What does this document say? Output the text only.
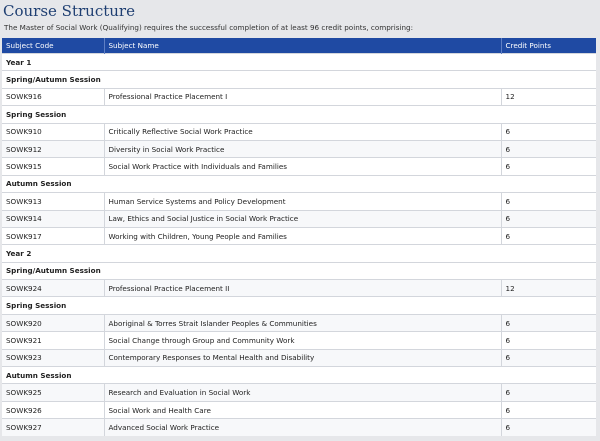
Course Structure

The Master of Social Work (Qualifying) requires the successful completion of at least 96 credit points, comprising:

Subject Code	Subject Name	Credit Points
Year 1		
Spring/Autumn Session		
SOWK916	Professional Practice Placement I	12
Spring Session		
SOWK910	Critically Reflective Social Work Practice	6
SOWK912	Diversity in Social Work Practice	6
SOWK915	Social Work Practice with Individuals and Families	6
Autumn Session		
SOWK913	Human Service Systems and Policy Development	6
SOWK914	Law, Ethics and Social Justice in Social Work Practice	6
SOWK917	Working with Children, Young People and Families	6
Year 2		
Spring/Autumn Session		
SOWK924	Professional Practice Placement II	12
Spring Session		
SOWK920	Aboriginal & Torres Strait Islander Peoples & Communities	6
SOWK921	Social Change through Group and Community Work	6
SOWK923	Contemporary Responses to Mental Health and Disability	6
Autumn Session		
SOWK925	Research and Evaluation in Social Work	6
SOWK926	Social Work and Health Care	6
SOWK927	Advanced Social Work Practice	6
